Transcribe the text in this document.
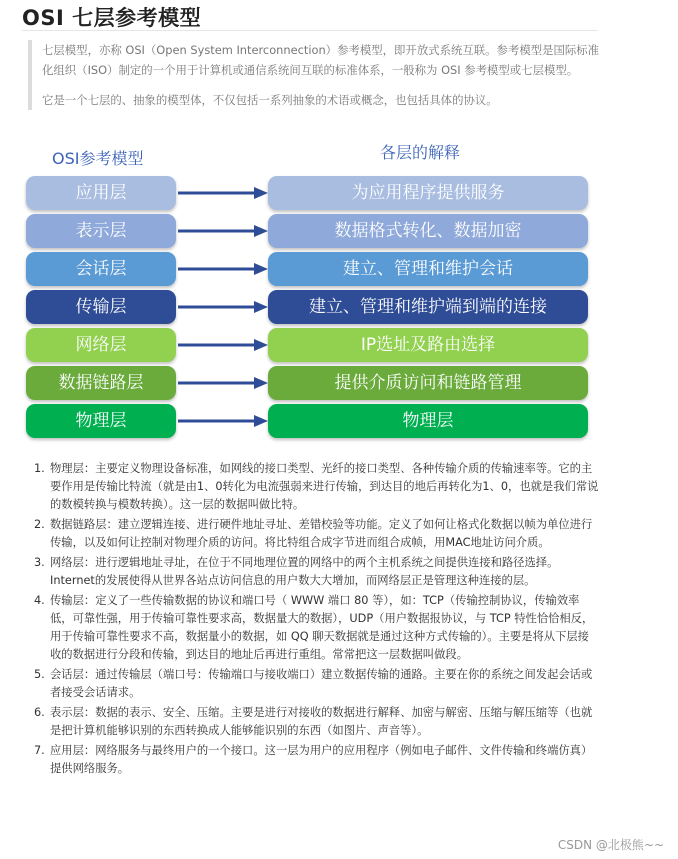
OSI 七层参考模型

七层模型，亦称 OSI（Open System Interconnection）参考模型，即开放式系统互联。参考模型是国际标准化组织（ISO）制定的一个用于计算机或通信系统间互联的标准体系，一般称为 OSI 参考模型或七层模型。

它是一个七层的、抽象的模型体，不仅包括一系列抽象的术语或概念，也包括具体的协议。

OSI参考模型	各层的解释
应用层	为应用程序提供服务
表示层	数据格式转化、数据加密
会话层	建立、管理和维护会话
传输层	建立、管理和维护端到端的连接
网络层	IP选址及路由选择
数据链路层	提供介质访问和链路管理
物理层	物理层
1. 物理层：主要定义物理设备标准，如网线的接口类型、光纤的接口类型、各种传输介质的传输速率等。它的主要作用是传输比特流（就是由1、0转化为电流强弱来进行传输，到达目的地后再转化为1、0，也就是我们常说的数模转换与模数转换）。这一层的数据叫做比特。
2. 数据链路层：建立逻辑连接、进行硬件地址寻址、差错校验等功能。定义了如何让格式化数据以帧为单位进行传输，以及如何让控制对物理介质的访问。将比特组合成字节进而组合成帧，用MAC地址访问介质。
3. 网络层：进行逻辑地址寻址，在位于不同地理位置的网络中的两个主机系统之间提供连接和路径选择。Internet的发展使得从世界各站点访问信息的用户数大大增加，而网络层正是管理这种连接的层。
4. 传输层：定义了一些传输数据的协议和端口号（ WWW 端口 80 等），如：TCP（传输控制协议，传输效率低，可靠性强，用于传输可靠性要求高，数据量大的数据），UDP（用户数据报协议，与 TCP 特性恰恰相反，用于传输可靠性要求不高，数据量小的数据，如 QQ 聊天数据就是通过这种方式传输的）。主要是将从下层接收的数据进行分段和传输，到达目的地址后再进行重组。常常把这一层数据叫做段。
5. 会话层：通过传输层（端口号：传输端口与接收端口）建立数据传输的通路。主要在你的系统之间发起会话或者接受会话请求。
6. 表示层：数据的表示、安全、压缩。主要是进行对接收的数据进行解释、加密与解密、压缩与解压缩等（也就是把计算机能够识别的东西转换成人能够能识别的东西（如图片、声音等）。
7. 应用层：网络服务与最终用户的一个接口。这一层为用户的应用程序（例如电子邮件、文件传输和终端仿真）提供网络服务。
CSDN @北极熊~~
